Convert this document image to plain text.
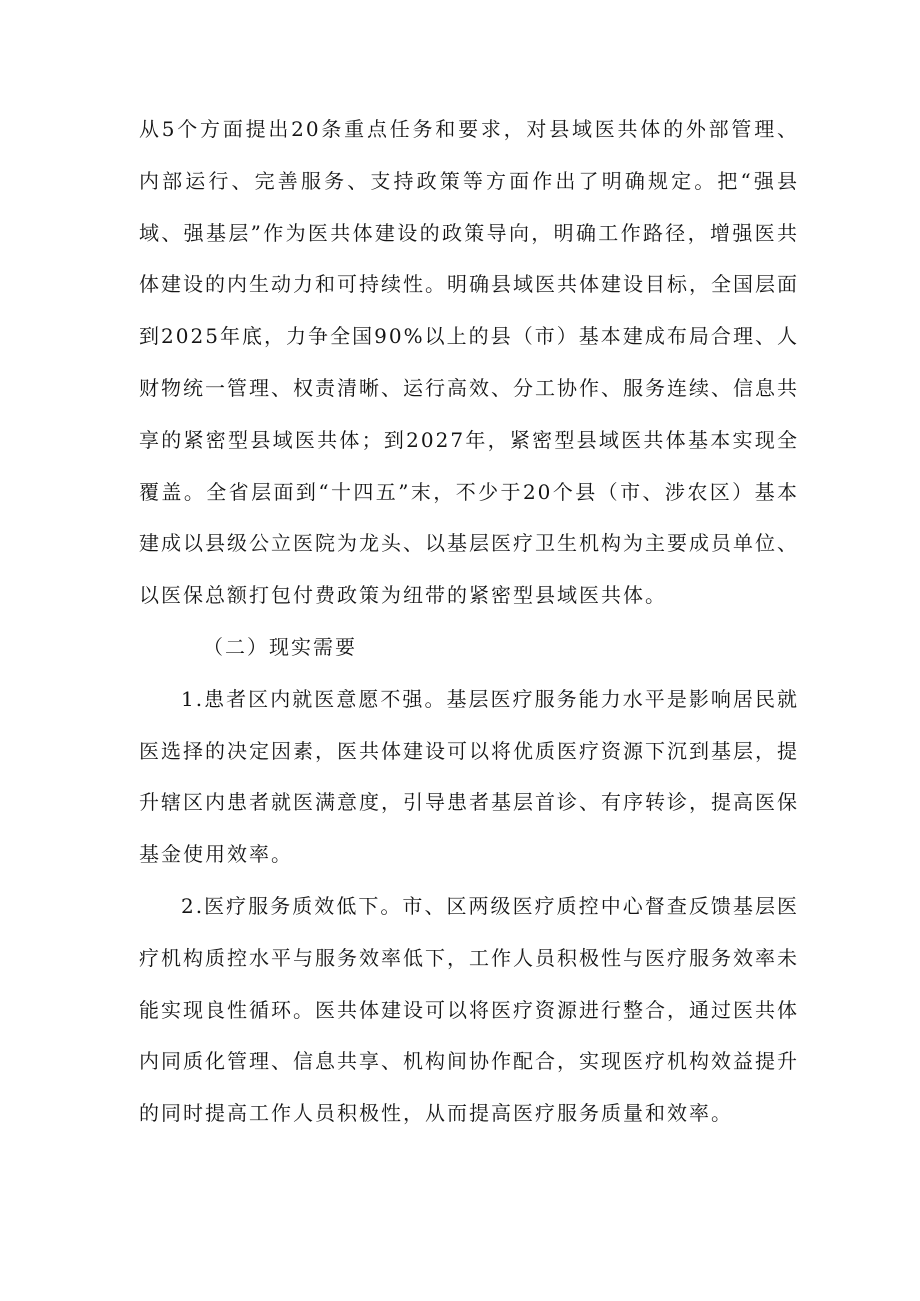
从5个方面提出20条重点任务和要求，对县域医共体的外部管理、内部运行、完善服务、支持政策等方面作出了明确规定。把“强县域、强基层”作为医共体建设的政策导向，明确工作路径，增强医共体建设的内生动力和可持续性。明确县域医共体建设目标，全国层面到2025年底，力争全国90%以上的县（市）基本建成布局合理、人财物统一管理、权责清晰、运行高效、分工协作、服务连续、信息共享的紧密型县域医共体；到2027年，紧密型县域医共体基本实现全覆盖。全省层面到“十四五”末，不少于20个县（市、涉农区）基本建成以县级公立医院为龙头、以基层医疗卫生机构为主要成员单位、以医保总额打包付费政策为纽带的紧密型县域医共体。

（二）现实需要

1.患者区内就医意愿不强。基层医疗服务能力水平是影响居民就医选择的决定因素，医共体建设可以将优质医疗资源下沉到基层，提升辖区内患者就医满意度，引导患者基层首诊、有序转诊，提高医保基金使用效率。

2.医疗服务质效低下。市、区两级医疗质控中心督查反馈基层医疗机构质控水平与服务效率低下，工作人员积极性与医疗服务效率未能实现良性循环。医共体建设可以将医疗资源进行整合，通过医共体内同质化管理、信息共享、机构间协作配合，实现医疗机构效益提升的同时提高工作人员积极性，从而提高医疗服务质量和效率。
